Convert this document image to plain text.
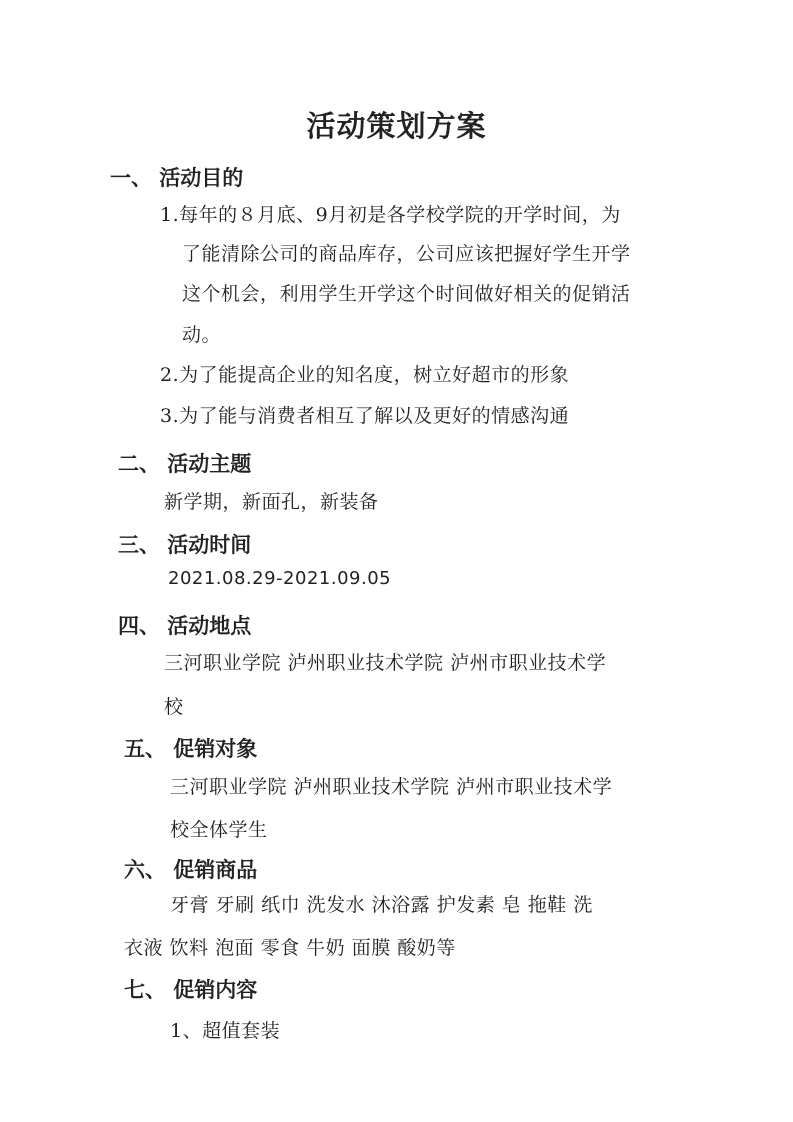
活动策划方案
一、 活动目的
1.每年的８月底、9月初是各学校学院的开学时间，为
了能清除公司的商品库存，公司应该把握好学生开学
这个机会，利用学生开学这个时间做好相关的促销活
动。
2.为了能提高企业的知名度，树立好超市的形象
3.为了能与消费者相互了解以及更好的情感沟通
二、 活动主题
新学期，新面孔，新装备
三、 活动时间
2021.08.29-2021.09.05
四、 活动地点
三河职业学院 泸州职业技术学院 泸州市职业技术学
校
五、 促销对象
三河职业学院 泸州职业技术学院 泸州市职业技术学
校全体学生
六、 促销商品
牙膏 牙刷 纸巾 洗发水 沐浴露 护发素 皂 拖鞋 洗
衣液 饮料 泡面 零食 牛奶 面膜 酸奶等
七、 促销内容
1、超值套装
